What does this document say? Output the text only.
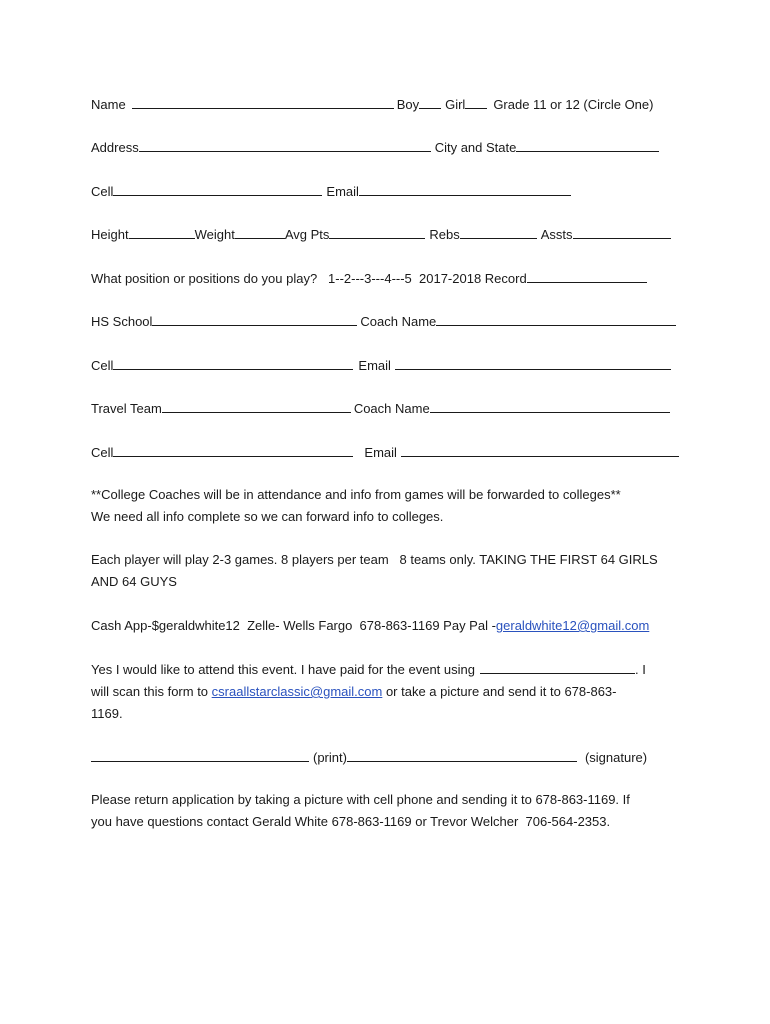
Name	Boy Girl Grade 11 or 12 (Circle One)
Address	City and State
Cell	Email
Height	Weight	Avg Pts	Rebs	Assts
What position or positions do you play?   1--2---3---4---5  2017-2018 Record
HS School	Coach Name
Cell	Email
Travel Team	Coach Name
Cell	Email

**College Coaches will be in attendance and info from games will be forwarded to colleges**

We need all info complete so we can forward info to colleges.

Each player will play 2-3 games. 8 players per team   8 teams only. TAKING THE FIRST 64 GIRLS

AND 64 GUYS

Cash App-$geraldwhite12  Zelle- Wells Fargo  678-863-1169 Pay Pal -geraldwhite12@gmail.com

Yes I would like to attend this event. I have paid for the event using	. I

will scan this form to csraallstarclassic@gmail.com or take a picture and send it to 678-863-

1169.

(print)	(signature)

Please return application by taking a picture with cell phone and sending it to 678-863-1169. If

you have questions contact Gerald White 678-863-1169 or Trevor Welcher  706-564-2353.
